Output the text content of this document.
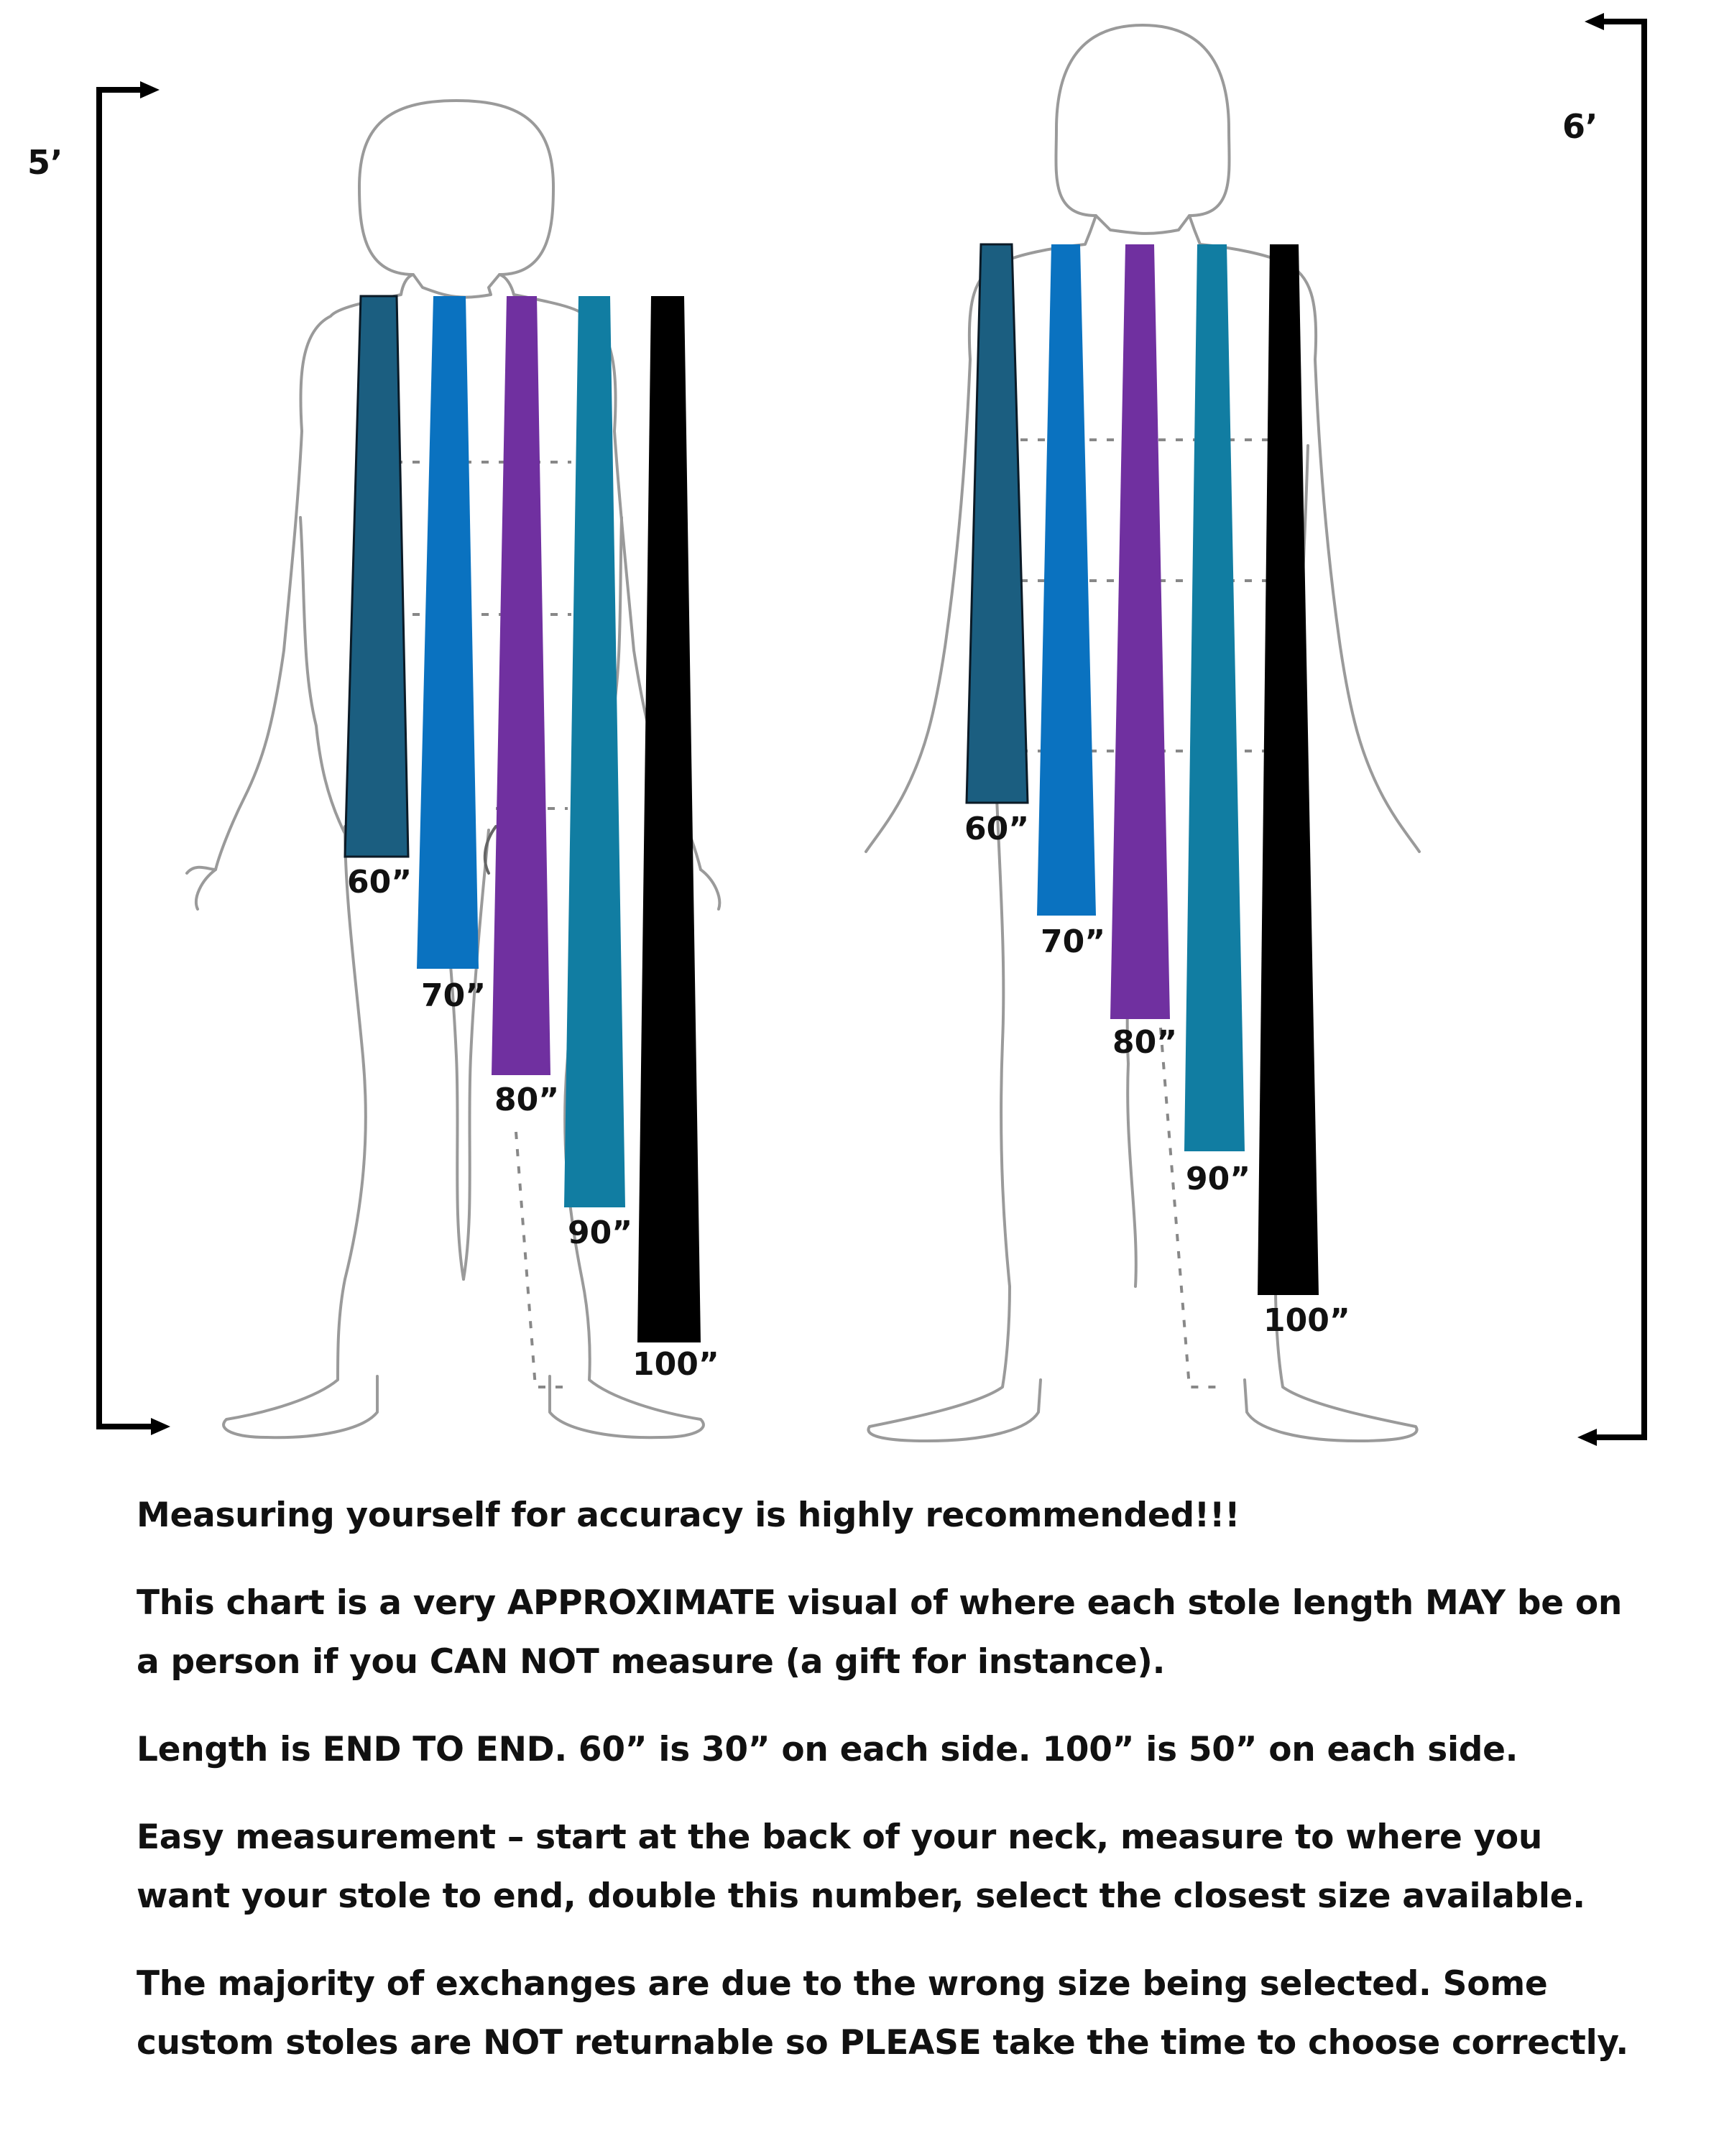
5’
6’
60”
70”
80”
90”
100”
60”
70”
80”
90”
100”

Measuring yourself for accuracy is highly recommended!!!

This chart is a very APPROXIMATE visual of where each stole length MAY be on a person if you CAN NOT measure (a gift for instance).

Length is END TO END. 60” is 30” on each side. 100” is 50” on each side.

Easy measurement – start at the back of your neck, measure to where you want your stole to end, double this number, select the closest size available.

The majority of exchanges are due to the wrong size being selected. Some custom stoles are NOT returnable so PLEASE take the time to choose correctly.
